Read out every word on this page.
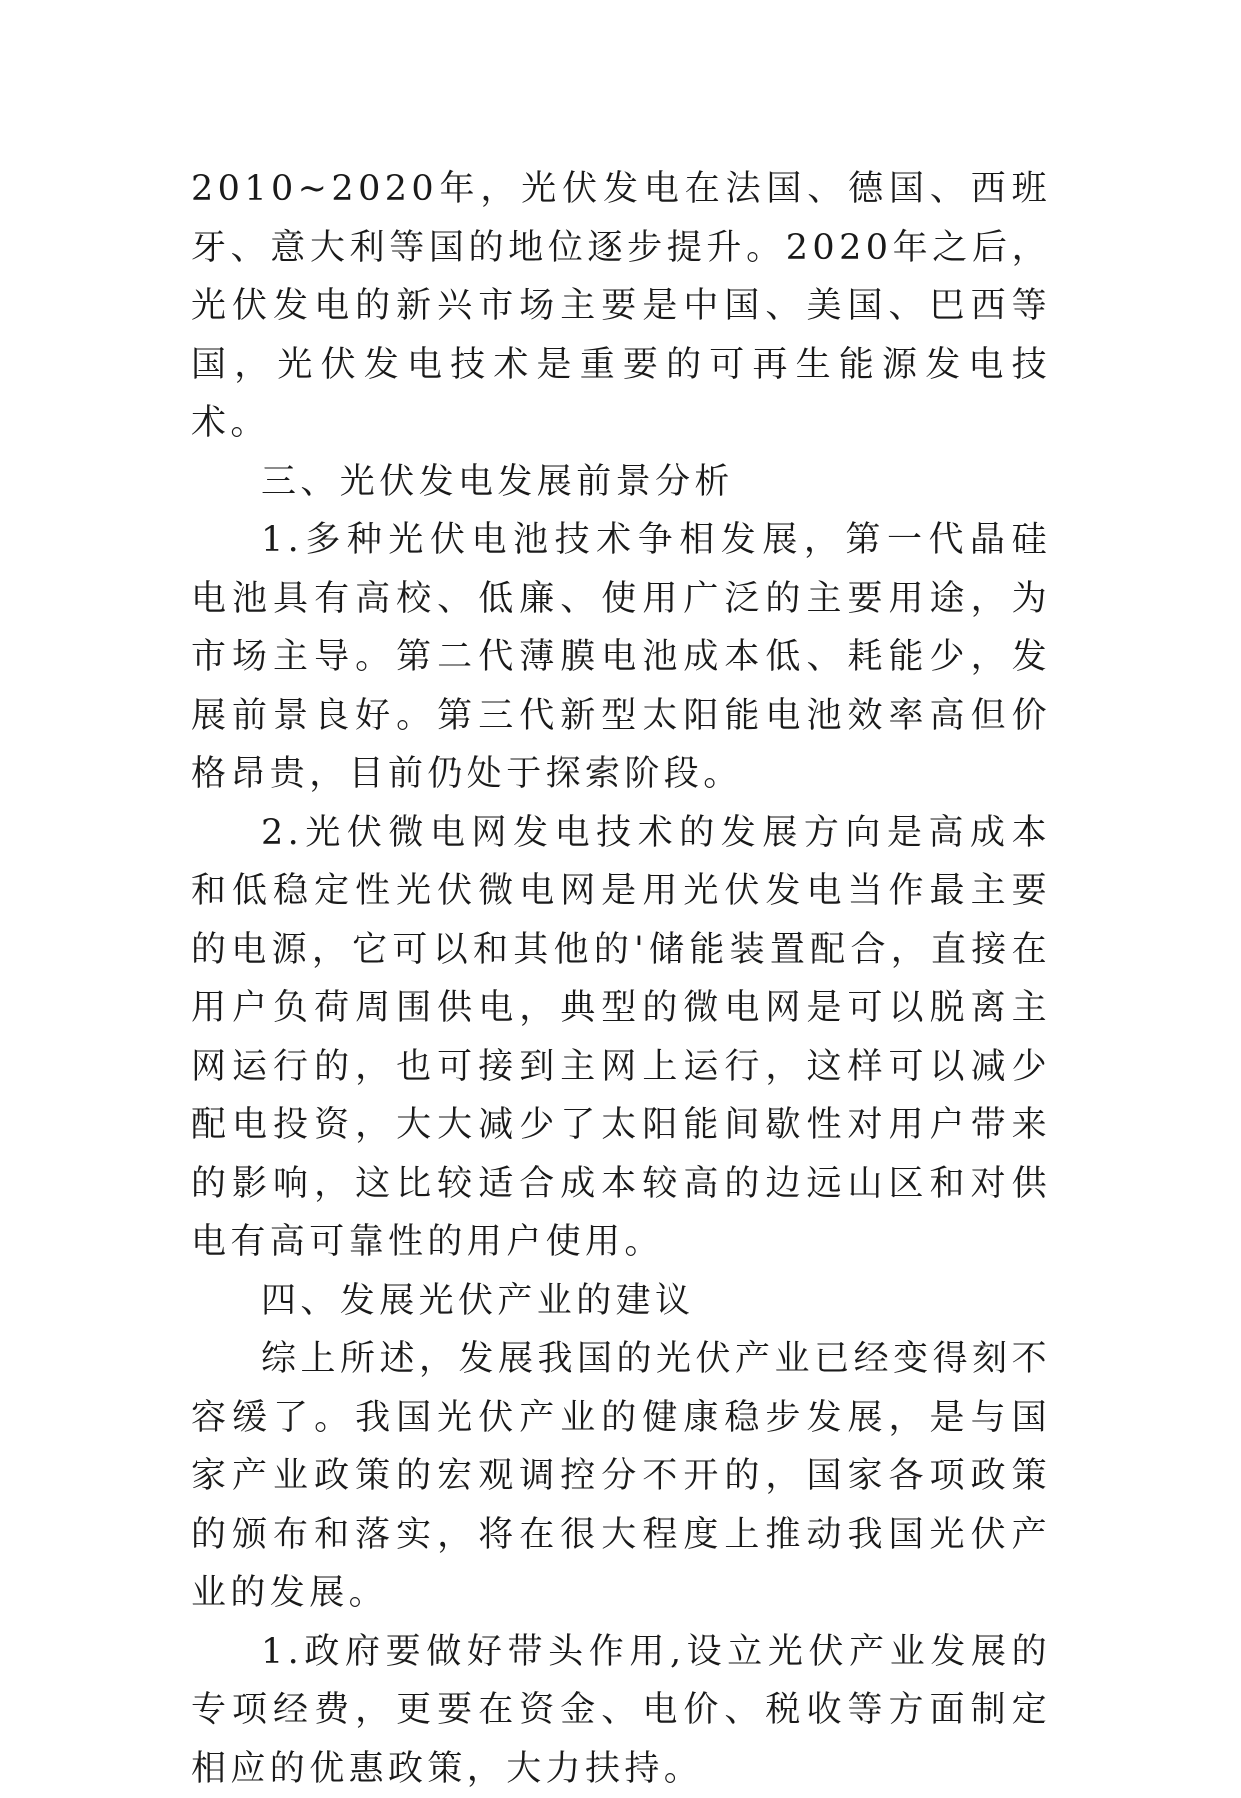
2010~2020年，光伏发电在法国、德国、西班牙、意大利等国的地位逐步提升。2020年之后，光伏发电的新兴市场主要是中国、美国、巴西等国，光伏发电技术是重要的可再生能源发电技术。

三、光伏发电发展前景分析

1.多种光伏电池技术争相发展，第一代晶硅电池具有高校、低廉、使用广泛的主要用途，为市场主导。第二代薄膜电池成本低、耗能少，发展前景良好。第三代新型太阳能电池效率高但价格昂贵，目前仍处于探索阶段。

2.光伏微电网发电技术的发展方向是高成本和低稳定性光伏微电网是用光伏发电当作最主要的电源，它可以和其他的'储能装置配合，直接在用户负荷周围供电，典型的微电网是可以脱离主网运行的，也可接到主网上运行，这样可以减少配电投资，大大减少了太阳能间歇性对用户带来的影响，这比较适合成本较高的边远山区和对供电有高可靠性的用户使用。

四、发展光伏产业的建议

综上所述，发展我国的光伏产业已经变得刻不容缓了。我国光伏产业的健康稳步发展，是与国家产业政策的宏观调控分不开的，国家各项政策的颁布和落实，将在很大程度上推动我国光伏产业的发展。

1.政府要做好带头作用,设立光伏产业发展的专项经费，更要在资金、电价、税收等方面制定相应的优惠政策，大力扶持。
